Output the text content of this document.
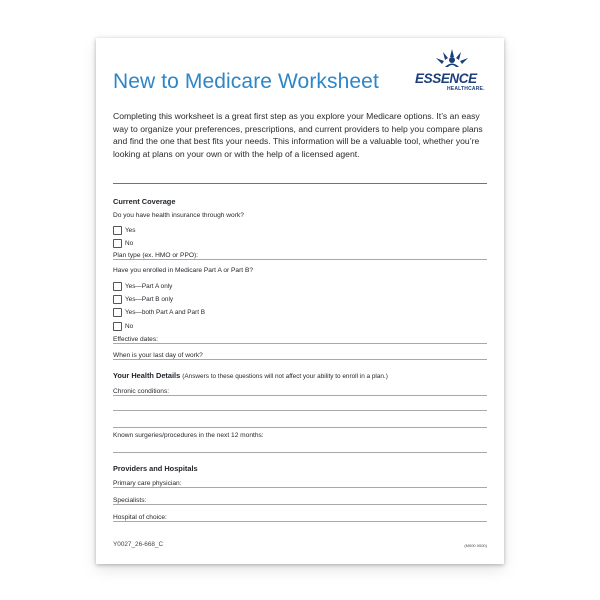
New to Medicare Worksheet	ESSENCE
HEALTHCARE.

Completing this worksheet is a great first step as you explore your Medicare options. It’s an easy way to organize your preferences, prescriptions, and current providers to help you compare plans and find the one that best fits your needs. This information will be a valuable tool, whether you’re looking at plans on your own or with the help of a licensed agent.

Current Coverage
Do you have health insurance through work?
Yes
No
Plan type (ex. HMO or PPO):
Have you enrolled in Medicare Part A or Part B?
Yes—Part A only
Yes—Part B only
Yes—both Part A and Part B
No
Effective dates:
When is your last day of work?
Your Health Details (Answers to these questions will not affect your ability to enroll in a plan.)
Chronic conditions:
Known surgeries/procedures in the next 12 months:
Providers and Hospitals
Primary care physician:
Specialists:
Hospital of choice:
Y0027_26-668_C	(M000 0000)
